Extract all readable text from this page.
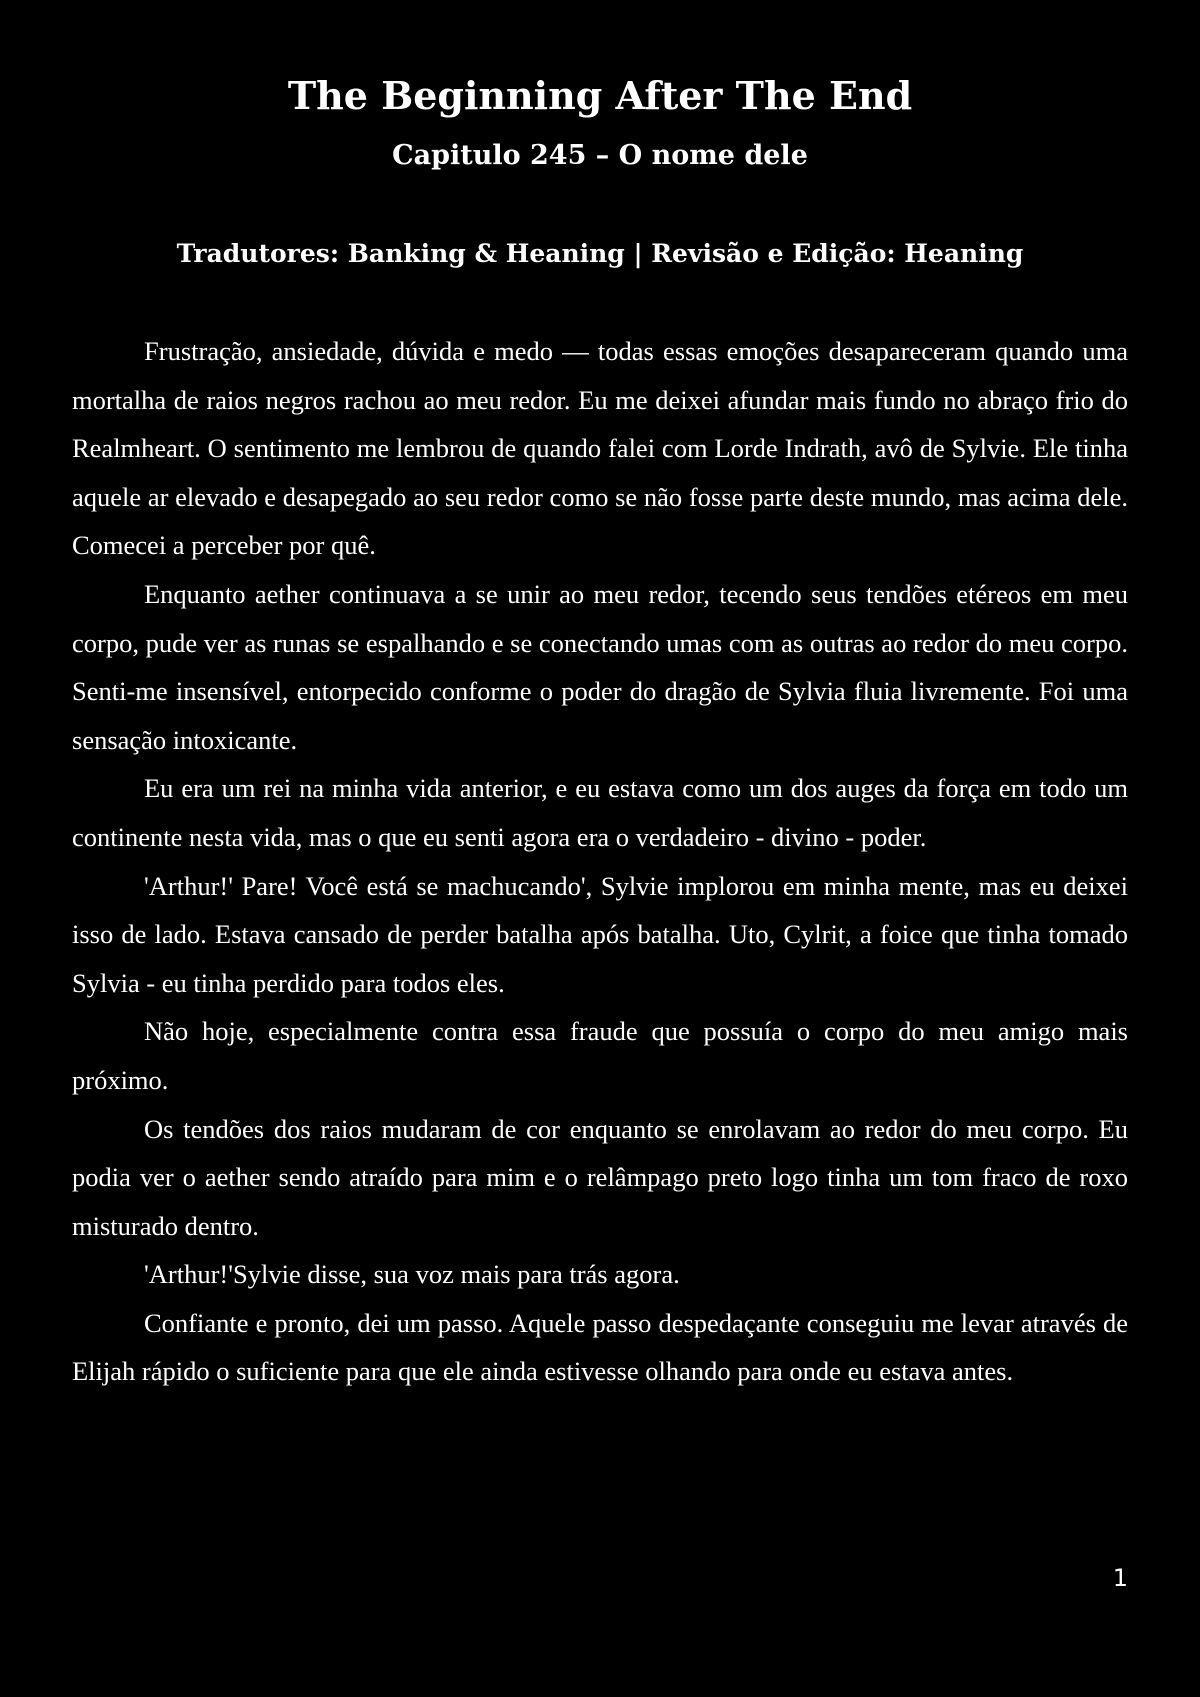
The Beginning After The End
Capitulo 245 – O nome dele
Tradutores: Banking & Heaning | Revisão e Edição: Heaning

Frustração, ansiedade, dúvida e medo — todas essas emoções desapareceram quando uma mortalha de raios negros rachou ao meu redor. Eu me deixei afundar mais fundo no abraço frio do Realmheart. O sentimento me lembrou de quando falei com Lorde Indrath, avô de Sylvie. Ele tinha aquele ar elevado e desapegado ao seu redor como se não fosse parte deste mundo, mas acima dele. Comecei a perceber por quê.

Enquanto aether continuava a se unir ao meu redor, tecendo seus tendões etéreos em meu corpo, pude ver as runas se espalhando e se conectando umas com as outras ao redor do meu corpo. Senti-me insensível, entorpecido conforme o poder do dragão de Sylvia fluia livremente. Foi uma sensação intoxicante.

Eu era um rei na minha vida anterior, e eu estava como um dos auges da força em todo um continente nesta vida, mas o que eu senti agora era o verdadeiro - divino - poder.

'Arthur!' Pare! Você está se machucando', Sylvie implorou em minha mente, mas eu deixei isso de lado. Estava cansado de perder batalha após batalha. Uto, Cylrit, a foice que tinha tomado Sylvia - eu tinha perdido para todos eles.

Não hoje, especialmente contra essa fraude que possuía o corpo do meu amigo mais próximo.

Os tendões dos raios mudaram de cor enquanto se enrolavam ao redor do meu corpo. Eu podia ver o aether sendo atraído para mim e o relâmpago preto logo tinha um tom fraco de roxo misturado dentro.

'Arthur!'Sylvie disse, sua voz mais para trás agora.

Confiante e pronto, dei um passo. Aquele passo despedaçante conseguiu me levar através de Elijah rápido o suficiente para que ele ainda estivesse olhando para onde eu estava antes.

1
